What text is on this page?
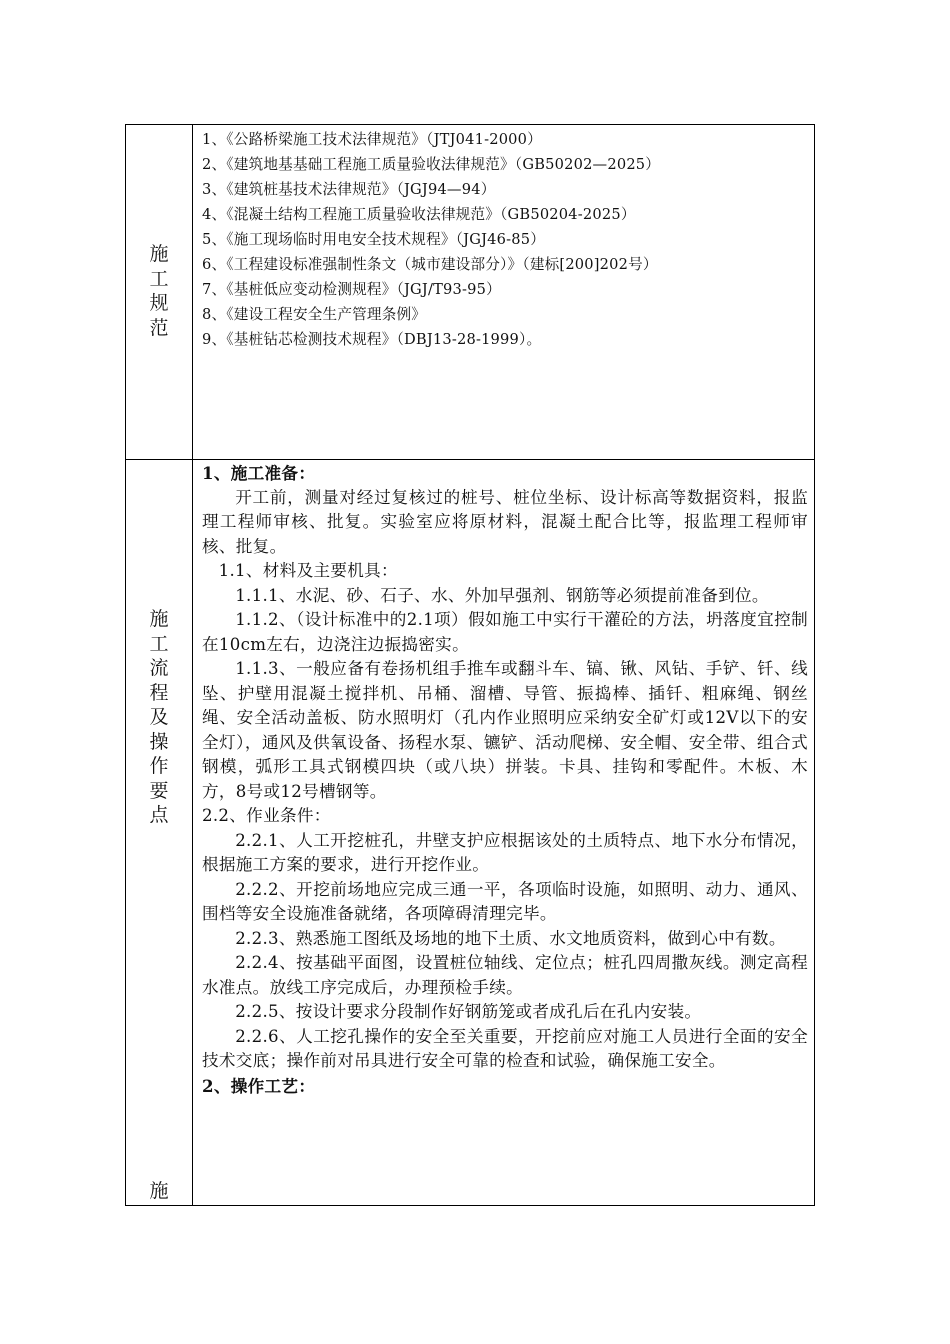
施
工
规
范
1、《公路桥梁施工技术法律规范》（JTJ041-2000）
2、《建筑地基基础工程施工质量验收法律规范》（GB50202—2025）
3、《建筑桩基技术法律规范》（JGJ94—94）
4、《混凝土结构工程施工质量验收法律规范》（GB50204-2025）
5、《施工现场临时用电安全技术规程》（JGJ46-85）
6、《工程建设标准强制性条文（城市建设部分）》（建标[200]202号）
7、《基桩低应变动检测规程》（JGJ/T93-95）
8、《建设工程安全生产管理条例》
9、《基桩钻芯检测技术规程》（DBJ13-28-1999）。
施
工
流
程
及
操
作
要
点
施

1、施工准备：

开工前，测量对经过复核过的桩号、桩位坐标、设计标高等数据资料，报监理工程师审核、批复。实验室应将原材料，混凝土配合比等，报监理工程师审核、批复。

1.1、材料及主要机具：

1.1.1、水泥、砂、石子、水、外加早强剂、钢筋等必须提前准备到位。

1.1.2、（设计标准中的2.1项）假如施工中实行干灌砼的方法，坍落度宜控制在10cm左右，边浇注边振捣密实。

1.1.3、一般应备有卷扬机组手推车或翻斗车、镐、锹、风钻、手铲、钎、线坠、护壁用混凝土搅拌机、吊桶、溜槽、导管、振捣棒、插钎、粗麻绳、钢丝绳、安全活动盖板、防水照明灯（孔内作业照明应采纳安全矿灯或12V以下的安全灯），通风及供氧设备、扬程水泵、镳铲、活动爬梯、安全帽、安全带、组合式钢模，弧形工具式钢模四块（或八块）拼装。卡具、挂钩和零配件。木板、木方，8号或12号槽钢等。

2.2、作业条件：

2.2.1、人工开挖桩孔，井壁支护应根据该处的土质特点、地下水分布情况，根据施工方案的要求，进行开挖作业。

2.2.2、开挖前场地应完成三通一平，各项临时设施，如照明、动力、通风、围档等安全设施准备就绪，各项障碍清理完毕。

2.2.3、熟悉施工图纸及场地的地下土质、水文地质资料，做到心中有数。

2.2.4、按基础平面图，设置桩位轴线、定位点；桩孔四周撒灰线。测定高程水准点。放线工序完成后，办理预检手续。

2.2.5、按设计要求分段制作好钢筋笼或者成孔后在孔内安装。

2.2.6、人工挖孔操作的安全至关重要，开挖前应对施工人员进行全面的安全技术交底；操作前对吊具进行安全可靠的检查和试验，确保施工安全。

2、操作工艺：
